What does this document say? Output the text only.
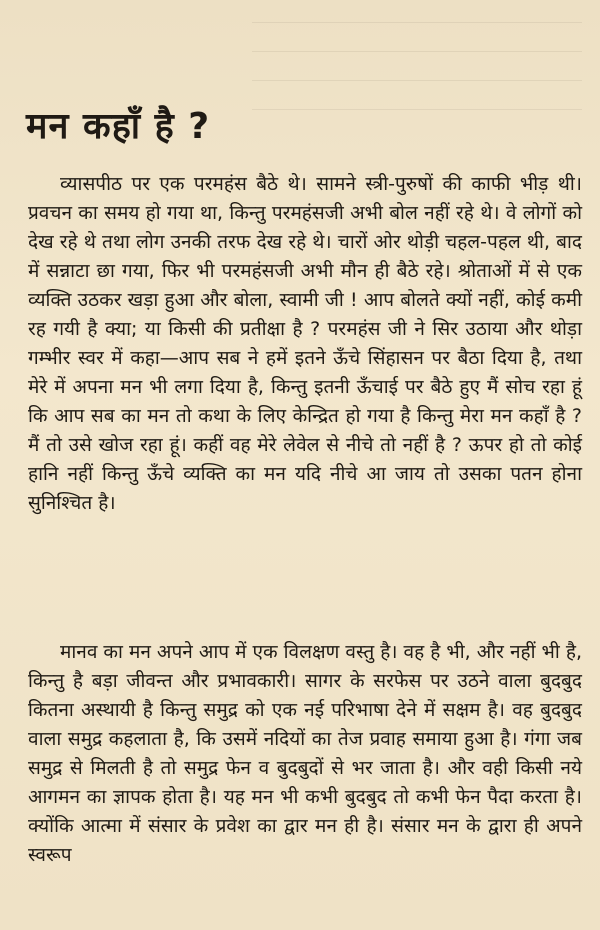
मन कहाँ है ?

व्यासपीठ पर एक परमहंस बैठे थे। सामने स्त्री-पुरुषों की काफी भीड़ थी। प्रवचन का समय हो गया था, किन्तु परमहंसजी अभी बोल नहीं रहे थे। वे लोगों को देख रहे थे तथा लोग उनकी तरफ देख रहे थे। चारों ओर थोड़ी चहल-पहल थी, बाद में सन्नाटा छा गया, फिर भी परमहंसजी अभी मौन ही बैठे रहे। श्रोताओं में से एक व्यक्ति उठकर खड़ा हुआ और बोला, स्वामी जी ! आप बोलते क्यों नहीं, कोई कमी रह गयी है क्या; या किसी की प्रतीक्षा है ? परमहंस जी ने सिर उठाया और थोड़ा गम्भीर स्वर में कहा—आप सब ने हमें इतने ऊँचे सिंहासन पर बैठा दिया है, तथा मेरे में अपना मन भी लगा दिया है, किन्तु इतनी ऊँचाई पर बैठे हुए मैं सोच रहा हूं कि आप सब का मन तो कथा के लिए केन्द्रित हो गया है किन्तु मेरा मन कहाँ है ? मैं तो उसे खोज रहा हूं। कहीं वह मेरे लेवेल से नीचे तो नहीं है ? ऊपर हो तो कोई हानि नहीं किन्तु ऊँचे व्यक्ति का मन यदि नीचे आ जाय तो उसका पतन होना सुनिश्चित है।

मानव का मन अपने आप में एक विलक्षण वस्तु है। वह है भी, और नहीं भी है, किन्तु है बड़ा जीवन्त और प्रभावकारी। सागर के सरफेस पर उठने वाला बुदबुद कितना अस्थायी है किन्तु समुद्र को एक नई परिभाषा देने में सक्षम है। वह बुदबुद वाला समुद्र कहलाता है, कि उसमें नदियों का तेज प्रवाह समाया हुआ है। गंगा जब समुद्र से मिलती है तो समुद्र फेन व बुदबुदों से भर जाता है। और वही किसी नये आगमन का ज्ञापक होता है। यह मन भी कभी बुदबुद तो कभी फेन पैदा करता है। क्योंकि आत्मा में संसार के प्रवेश का द्वार मन ही है। संसार मन के द्वारा ही अपने स्वरूप
